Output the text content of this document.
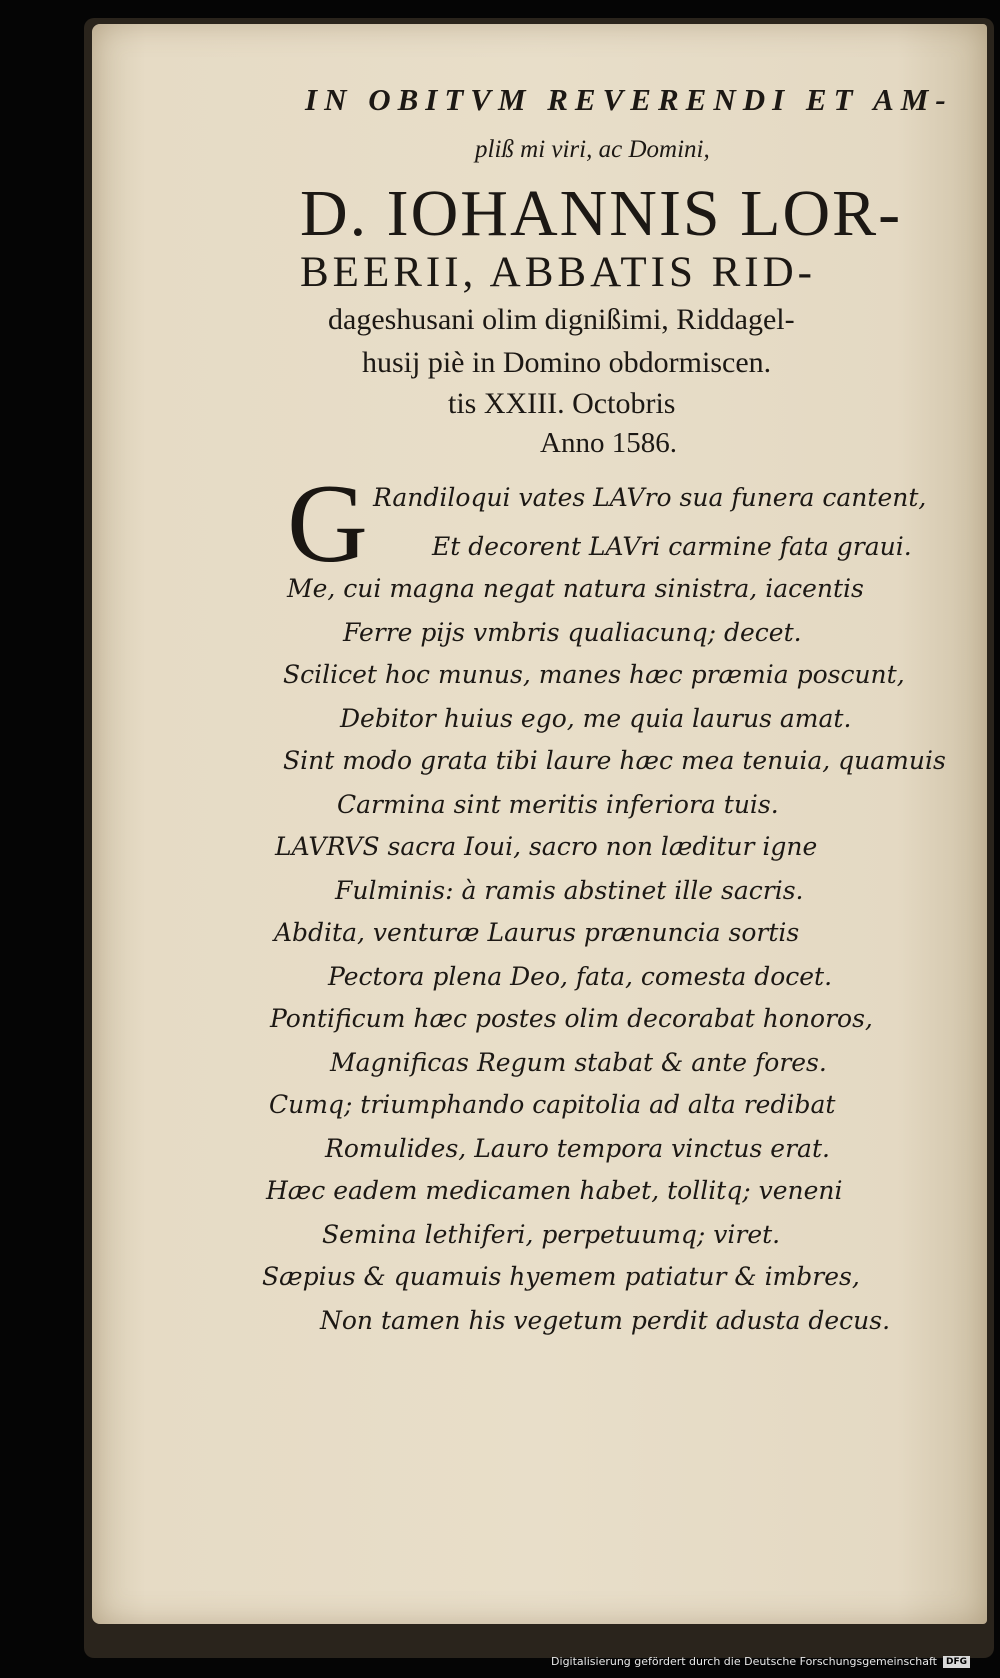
IN OBITVM REVERENDI ET AM-
pliß mi viri, ac Domini,
D. IOHANNIS LOR-
BEERII, ABBATIS RID-
dageshusani olim dignißimi, Riddagel-
husij piè in Domino obdormiscen.
tis XXIII. Octobris
Anno 1586.
G Randiloqui vates LAVro sua funera cantent,
Et decorent LAVri carmine fata graui.
Me, cui magna negat natura sinistra, iacentis
Ferre pijs vmbris qualiacunq; decet.
Scilicet hoc munus, manes hæc præmia poscunt,
Debitor huius ego, me quia laurus amat.
Sint modo grata tibi laure hæc mea tenuia, quamuis
Carmina sint meritis inferiora tuis.
LAVRVS sacra Ioui, sacro non læditur igne
Fulminis: à ramis abstinet ille sacris.
Abdita, venturæ Laurus prænuncia sortis
Pectora plena Deo, fata, comesta docet.
Pontificum hæc postes olim decorabat honoros,
Magnificas Regum stabat & ante fores.
Cumq; triumphando capitolia ad alta redibat
Romulides, Lauro tempora vinctus erat.
Hæc eadem medicamen habet, tollitq; veneni
Semina lethiferi, perpetuumq; viret.
Sæpius & quamuis hyemem patiatur & imbres,
Non tamen his vegetum perdit adusta decus.
Digitalisierung gefördert durch die Deutsche Forschungsgemeinschaft	DFG
